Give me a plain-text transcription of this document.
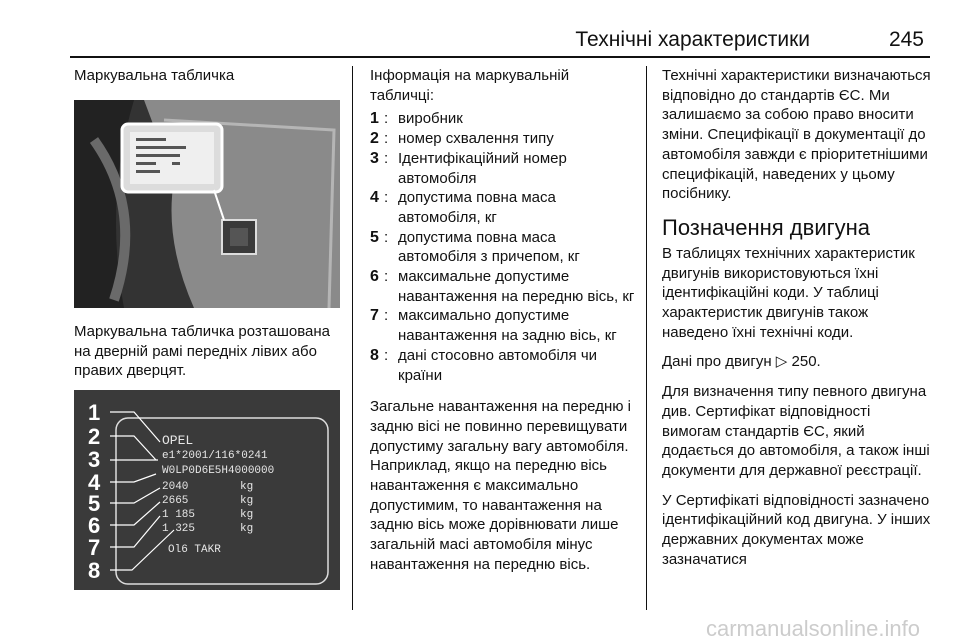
Технічні характеристики	245
Маркувальна табличка

Маркувальна табличка розташована на дверній рамі передніх лівих або правих дверцят.

1
2
3
4
5
6
7
8
OPEL
e1*2001/116*0241
W0LP0D6E5H4000000
2040
2665
1 185
1 325
kg
kg
kg
kg
Ol6 TAKR

Інформація на маркувальній табличці:

1 : виробник
2 : номер схвалення типу
3 : Ідентифікаційний номер автомобіля
4 : допустима повна маса автомобіля, кг
5 : допустима повна маса автомобіля з причепом, кг
6 : максимальне допустиме навантаження на передню вісь, кг
7 : максимально допустиме навантаження на задню вісь, кг
8 : дані стосовно автомобіля чи країни

Загальне навантаження на передню і задню вісі не повинно перевищувати допустиму загальну вагу автомобіля. Наприклад, якщо на передню вісь навантаження є максимально допустимим, то навантаження на задню вісь може дорівнювати лише загальній масі автомобіля мінус навантаження на передню вісь.

Технічні характеристики визначаються відповідно до стандартів ЄС. Ми залишаємо за собою право вносити зміни. Специфікації в документації до автомобіля завжди є пріоритетнішими специфікацій, наведених у цьому посібнику.

Позначення двигуна

В таблицях технічних характеристик двигунів використовуються їхні ідентифікаційні коди. У таблиці характеристик двигунів також наведено їхні технічні коди.

Дані про двигун ▷ 250.

Для визначення типу певного двигуна див. Сертифікат відповідності вимогам стандартів ЄС, який додається до автомобіля, а також інші документи для державної реєстрації.

У Сертифікаті відповідності зазначено ідентифікаційний код двигуна. У інших державних документах може зазначатися

carmanualsonline.info
